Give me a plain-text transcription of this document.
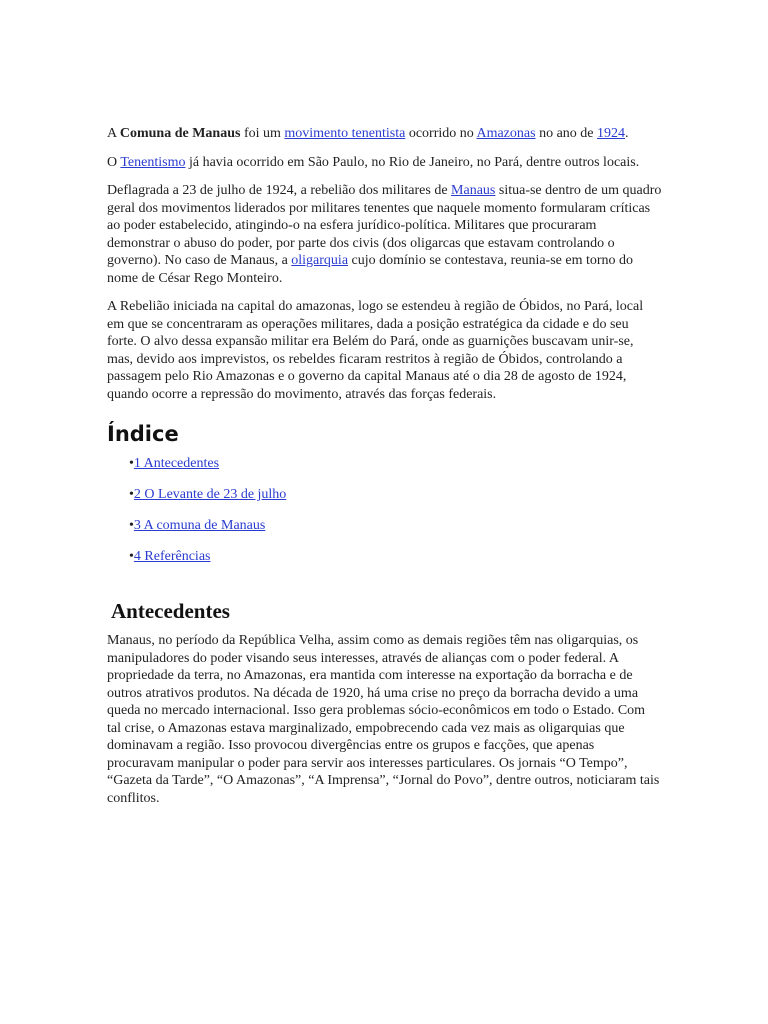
A Comuna de Manaus foi um movimento tenentista ocorrido no Amazonas no ano de 1924.

O Tenentismo já havia ocorrido em São Paulo, no Rio de Janeiro, no Pará, dentre outros locais.

Deflagrada a 23 de julho de 1924, a rebelião dos militares de Manaus situa-se dentro de um quadro geral dos movimentos liderados por militares tenentes que naquele momento formularam críticas ao poder estabelecido, atingindo-o na esfera jurídico-política. Militares que procuraram demonstrar o abuso do poder, por parte dos civis (dos oligarcas que estavam controlando o governo). No caso de Manaus, a oligarquia cujo domínio se contestava, reunia-se em torno do nome de César Rego Monteiro.

A Rebelião iniciada na capital do amazonas, logo se estendeu à região de Óbidos, no Pará, local em que se concentraram as operações militares, dada a posição estratégica da cidade e do seu forte. O alvo dessa expansão militar era Belém do Pará, onde as guarnições buscavam unir-se, mas, devido aos imprevistos, os rebeldes ficaram restritos à região de Óbidos, controlando a passagem pelo Rio Amazonas e o governo da capital Manaus até o dia 28 de agosto de 1924, quando ocorre a repressão do movimento, através das forças federais.

Índice
•1 Antecedentes
•2 O Levante de 23 de julho
•3 A comuna de Manaus
•4 Referências
Antecedentes

Manaus, no período da República Velha, assim como as demais regiões têm nas oligarquias, os manipuladores do poder visando seus interesses, através de alianças com o poder federal. A propriedade da terra, no Amazonas, era mantida com interesse na exportação da borracha e de outros atrativos produtos. Na década de 1920, há uma crise no preço da borracha devido a uma queda no mercado internacional. Isso gera problemas sócio-econômicos em todo o Estado. Com tal crise, o Amazonas estava marginalizado, empobrecendo cada vez mais as oligarquias que dominavam a região. Isso provocou divergências entre os grupos e facções, que apenas procuravam manipular o poder para servir aos interesses particulares. Os jornais “O Tempo”, “Gazeta da Tarde”, “O Amazonas”, “A Imprensa”, “Jornal do Povo”, dentre outros, noticiaram tais conflitos.
